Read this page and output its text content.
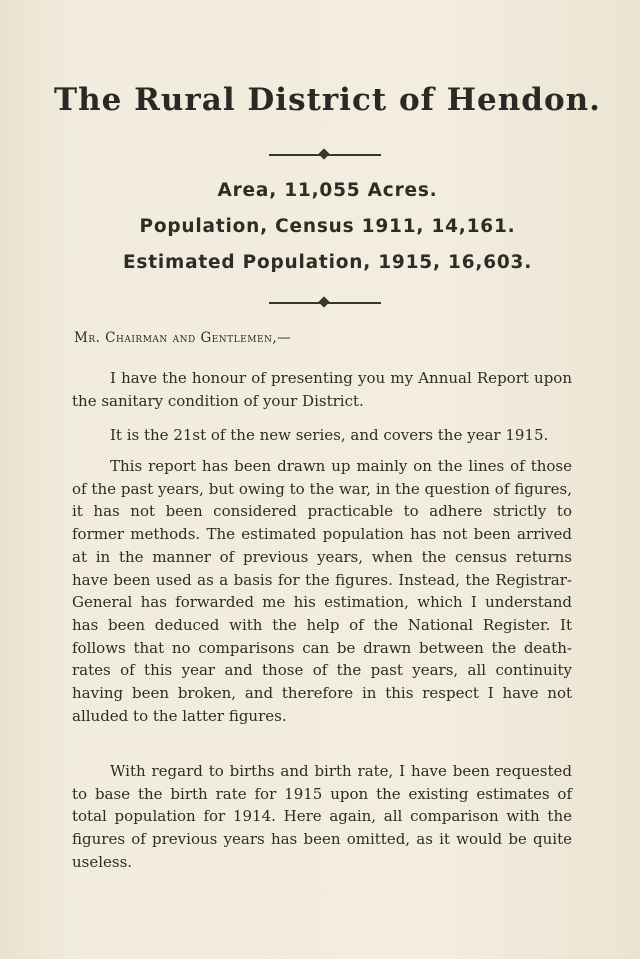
The Rural District of Hendon.

Area, 11,055 Acres.

Population, Census 1911, 14,161.

Estimated Population, 1915, 16,603.

Mr. Chairman and Gentlemen,—

I have the honour of presenting you my Annual Report upon the sanitary condition of your District.

It is the 21st of the new series, and covers the year 1915.

This report has been drawn up mainly on the lines of those of the past years, but owing to the war, in the question of figures, it has not been considered practicable to adhere strictly to former methods. The estimated population has not been arrived at in the manner of previous years, when the census returns have been used as a basis for the figures. Instead, the Registrar-General has forwarded me his estimation, which I understand has been deduced with the help of the National Register. It follows that no comparisons can be drawn between the death-rates of this year and those of the past years, all continuity having been broken, and therefore in this respect I have not alluded to the latter figures.

With regard to births and birth rate, I have been requested to base the birth rate for 1915 upon the existing estimates of total population for 1914. Here again, all comparison with the figures of previous years has been omitted, as it would be quite useless.
